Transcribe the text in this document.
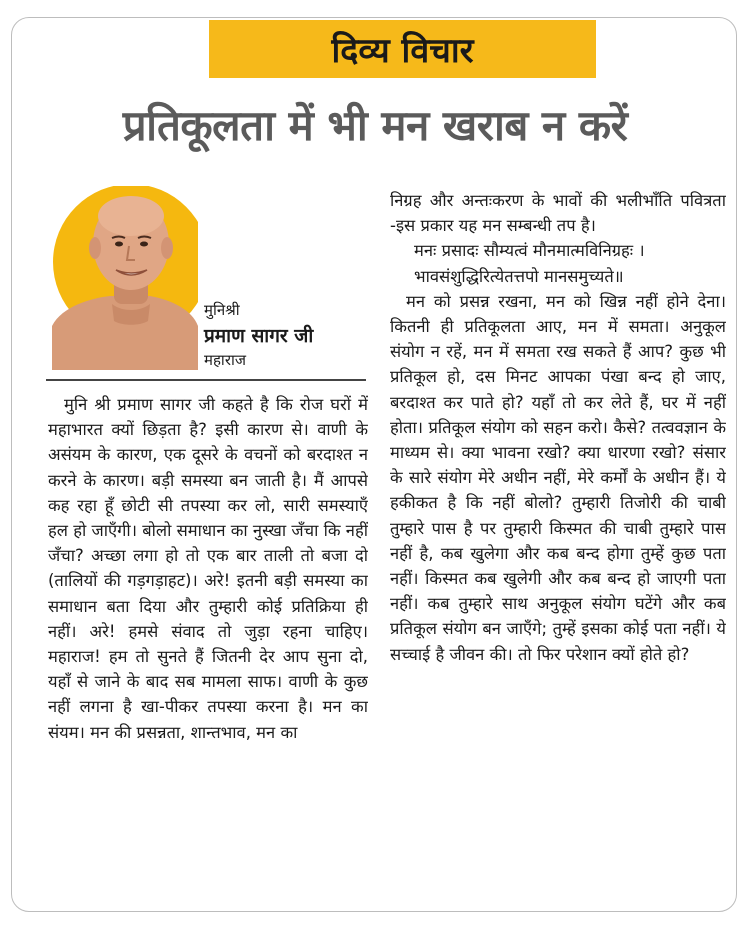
दिव्य विचार
प्रतिकूलता में भी मन खराब न करें
मुनिश्री
प्रमाण सागर जी
महाराज

मुनि श्री प्रमाण सागर जी कहते है कि रोज घरों में महाभारत क्यों छिड़ता है? इसी कारण से। वाणी के असंयम के कारण, एक दूसरे के वचनों को बरदाश्त न करने के कारण। बड़ी समस्या बन जाती है। मैं आपसे कह रहा हूँ छोटी सी तपस्या कर लो, सारी समस्याएँ हल हो जाएँगी। बोलो समाधान का नुस्खा जँचा कि नहीं जँचा? अच्छा लगा हो तो एक बार ताली तो बजा दो (तालियों की गड़गड़ाहट)। अरे! इतनी बड़ी समस्या का समाधान बता दिया और तुम्हारी कोई प्रतिक्रिया ही नहीं। अरे! हमसे संवाद तो जुड़ा रहना चाहिए। महाराज! हम तो सुनते हैं जितनी देर आप सुना दो, यहाँ से जाने के बाद सब मामला साफ। वाणी के कुछ नहीं लगना है खा-पीकर तपस्या करना है। मन का संयम। मन की प्रसन्नता, शान्तभाव, मन का

निग्रह और अन्तःकरण के भावों की भलीभाँति पवित्रता -इस प्रकार यह मन सम्बन्धी तप है।

मनः प्रसादः सौम्यत्वं मौनमात्मविनिग्रहः ।

भावसंशुद्धिरित्येतत्तपो मानसमुच्यते॥

मन को प्रसन्न रखना, मन को खिन्न नहीं होने देना। कितनी ही प्रतिकूलता आए, मन में समता। अनुकूल संयोग न रहें, मन में समता रख सकते हैं आप? कुछ भी प्रतिकूल हो, दस मिनट आपका पंखा बन्द हो जाए, बरदाश्त कर पाते हो? यहाँ तो कर लेते हैं, घर में नहीं होता। प्रतिकूल संयोग को सहन करो। कैसे? तत्ववज्ञान के माध्यम से। क्या भावना रखो? क्या धारणा रखो? संसार के सारे संयोग मेरे अधीन नहीं, मेरे कर्मों के अधीन हैं। ये हकीकत है कि नहीं बोलो? तुम्हारी तिजोरी की चाबी तुम्हारे पास है पर तुम्हारी किस्मत की चाबी तुम्हारे पास नहीं है, कब खुलेगा और कब बन्द होगा तुम्हें कुछ पता नहीं। किस्मत कब खुलेगी और कब बन्द हो जाएगी पता नहीं। कब तुम्हारे साथ अनुकूल संयोग घटेंगे और कब प्रतिकूल संयोग बन जाएँगे; तुम्हें इसका कोई पता नहीं। ये सच्चाई है जीवन की। तो फिर परेशान क्यों होते हो?
